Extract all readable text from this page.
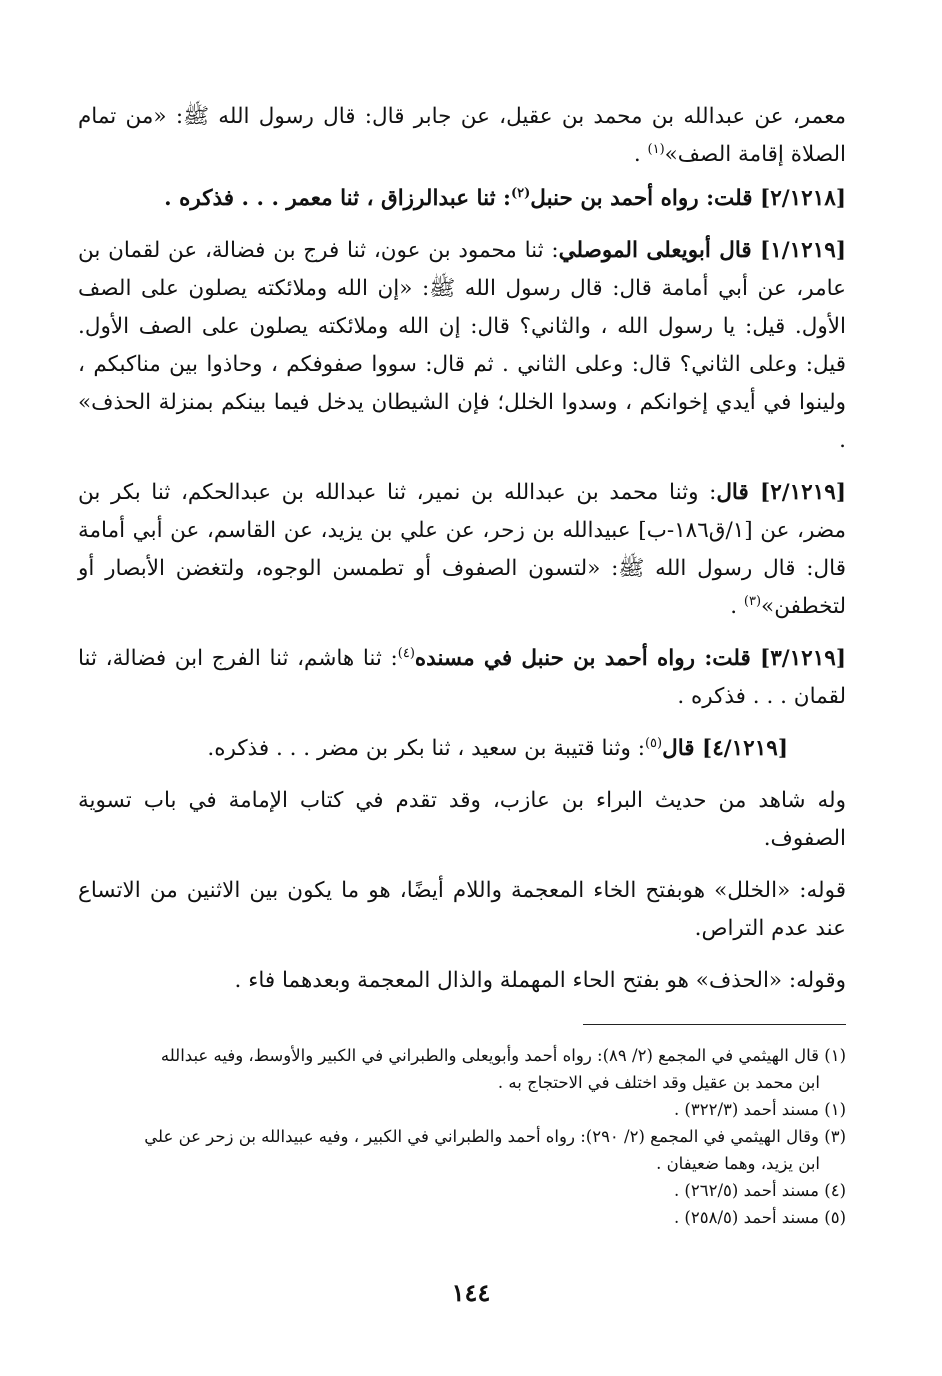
معمر، عن عبدالله بن محمد بن عقيل، عن جابر قال: قال رسول الله ﷺ: «من تمام الصلاة إقامة الصف»$^{(١)}$ .

[٢/١٢١٨] قلت: رواه أحمد بن حنبل$^{(٢)}$: ثنا عبدالرزاق ، ثنا معمر . . . فذكره .

[١/١٢١٩] قال أبويعلى الموصلي: ثنا محمود بن عون، ثنا فرج بن فضالة، عن لقمان بن عامر، عن أبي أمامة قال: قال رسول الله ﷺ: «إن الله وملائكته يصلون على الصف الأول. قيل: يا رسول الله ، والثاني؟ قال: إن الله وملائكته يصلون على الصف الأول. قيل: وعلى الثاني؟ قال: وعلى الثاني . ثم قال: سووا صفوفكم ، وحاذوا بين مناكبكم ، ولينوا في أيدي إخوانكم ، وسدوا الخلل؛ فإن الشيطان يدخل فيما بينكم بمنزلة الحذف» .

[٢/١٢١٩] قال: وثنا محمد بن عبدالله بن نمير، ثنا عبدالله بن عبدالحكم، ثنا بكر بن مضر، عن [١/ق١٨٦-ب] عبيدالله بن زحر، عن علي بن يزيد، عن القاسم، عن أبي أمامة قال: قال رسول الله ﷺ: «لتسون الصفوف أو تطمسن الوجوه، ولتغضن الأبصار أو لتخطفن»$^{(٣)}$ .

[٣/١٢١٩] قلت: رواه أحمد بن حنبل في مسنده$^{(٤)}$: ثنا هاشم، ثنا الفرج ابن فضالة، ثنا لقمان . . . فذكره .

[٤/١٢١٩] قال$^{(٥)}$: وثنا قتيبة بن سعيد ، ثنا بكر بن مضر . . . فذكره.

وله شاهد من حديث البراء بن عازب، وقد تقدم في كتاب الإمامة في باب تسوية الصفوف.

قوله: «الخلل» هوبفتح الخاء المعجمة واللام أيضًا، هو ما يكون بين الاثنين من الاتساع عند عدم التراص.

وقوله: «الحذف» هو بفتح الحاء المهملة والذال المعجمة وبعدهما فاء .

(١) قال الهيثمي في المجمع (٢/ ٨٩): رواه أحمد وأبويعلى والطبراني في الكبير والأوسط، وفيه عبدالله

ابن محمد بن عقيل وقد اختلف في الاحتجاج به .

(١) مسند أحمد (٣٢٢/٣) .

(٣) وقال الهيثمي في المجمع (٢/ ٢٩٠): رواه أحمد والطبراني في الكبير ، وفيه عبيدالله بن زحر عن علي

ابن يزيد، وهما ضعيفان .

(٤) مسند أحمد (٢٦٢/٥) .

(٥) مسند أحمد (٢٥٨/٥) .

١٤٤
